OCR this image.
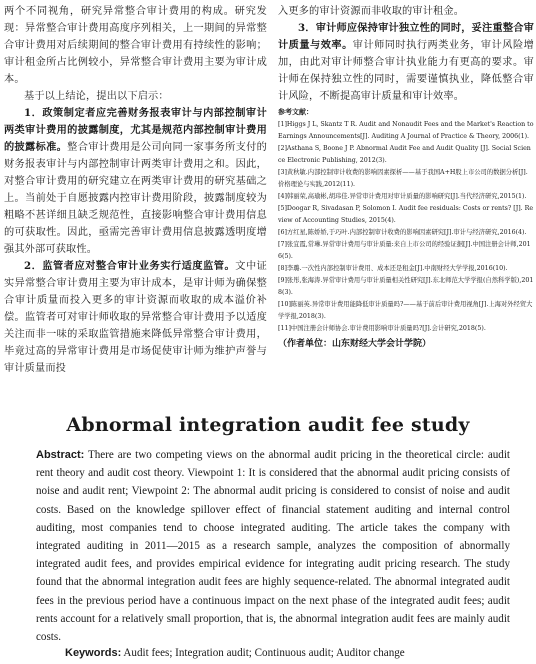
两个不同视角，研究异常整合审计费用的构成。研究发现：异常整合审计费用高度序列相关，上一期间的异常整合审计费用对后续期间的整合审计费用有持续性的影响；审计租金所占比例较小，异常整合审计费用主要为审计成本。

基于以上结论，提出以下启示：

1．政策制定者应完善财务报表审计与内部控制审计两类审计费用的披露制度，尤其是规范内部控制审计费用的披露标准。整合审计费用是公司向同一家事务所支付的财务报表审计与内部控制审计两类审计费用之和。因此，对整合审计费用的研究建立在两类审计费用的研究基础之上。当前处于自愿披露内控审计费用阶段，披露制度较为粗略不甚详细且缺乏规范性，直接影响整合审计费用信息的可获取性。因此，亟需完善审计费用信息披露透明度增强其外部可获取性。

2．监管者应对整合审计业务实行适度监管。文中证实异常整合审计费用主要为审计成本，是审计师为确保整合审计质量而投入更多的审计资源而收取的成本溢价补偿。监管者可对审计师收取的异常整合审计费用予以适度关注而非一味的采取监管措施来降低异常整合审计费用，毕竟过高的异常审计费用是市场促使审计师为维护声誉与审计质量而投

入更多的审计资源而非收取的审计租金。

3．审计师应保持审计独立性的同时，妥注重整合审计质量与效率。审计师同时执行两类业务，审计风险增加，由此对审计师整合审计执业能力有更高的要求。审计师在保持独立性的同时，需要谨慎执业，降低整合审计风险，不断提高审计质量和审计效率。

参考文献：
[1]Higgs J L, Skantz T R. Audit and Nonaudit Fees and the Market's Reaction to Earnings Announcements[J]. Auditing A Journal of Practice & Theory, 2006(1).
[2]Asthana S, Boone J P. Abnormal Audit Fee and Audit Quality [J]. Social Science Electronic Publishing, 2012(3).
[3]黄秋敏.内部控制审计收费的影响因素探析——基于我国A+H股上市公司的数据分析[J].价格理论与实践,2012(11).
[4]韩丽荣,高瑜彬,胡玮佳.异常审计费用对审计质量的影响研究[J].当代经济研究,2015(1).
[5]Doogar R, Sivadasan P, Solomon I. Audit fee residuals: Costs or rents? [J]. Review of Accounting Studies, 2015(4).
[6]方红星,陈娇娇,于巧叶.内部控制审计收费的影响因素研究[J].审计与经济研究,2016(4).
[7]张宜霞,常琳.异常审计费用与审计质量:来自上市公司的经验证据[J].中国注册会计师,2016(5).
[8]李璐.一次性内部控制审计费用、成本还是租金[J].中南财经大学学报,2016(10).
[9]张彤,张海涛.异常审计费用与审计质量相关性研究[J].东北师范大学学报(自然科学版),2018(3).
[10]陈丽英.异常审计费用能降低审计质量吗?——基于前后审计费用视角[J].上海对外经贸大学学报,2018(3).
[11]中国注册会计师协会.审计费用影响审计质量吗?[J].会计研究,2018(5).
（作者单位：山东财经大学会计学院）
Abnormal integration audit fee study
Abstract: There are two competing views on the abnormal audit pricing in the theoretical circle: audit rent theory and audit cost theory. Viewpoint 1: It is considered that the abnormal audit pricing consists of noise and audit rent; Viewpoint 2: The abnormal audit pricing is considered to consist of noise and audit costs. Based on the knowledge spillover effect of financial statement auditing and internal control auditing, most companies tend to choose integrated auditing. The article takes the company with integrated auditing in 2011—2015 as a research sample, analyzes the composition of abnormally integrated audit fees, and provides empirical evidence for integrating audit pricing research. The study found that the abnormal integration audit fees are highly sequence-related. The abnormal integrated audit fees in the previous period have a continuous impact on the next phase of the integrated audit fees; audit rents account for a relatively small proportion, that is, the abnormal integration audit fees are mainly audit costs.
Keywords: Audit fees; Integration audit; Continuous audit; Auditor change
